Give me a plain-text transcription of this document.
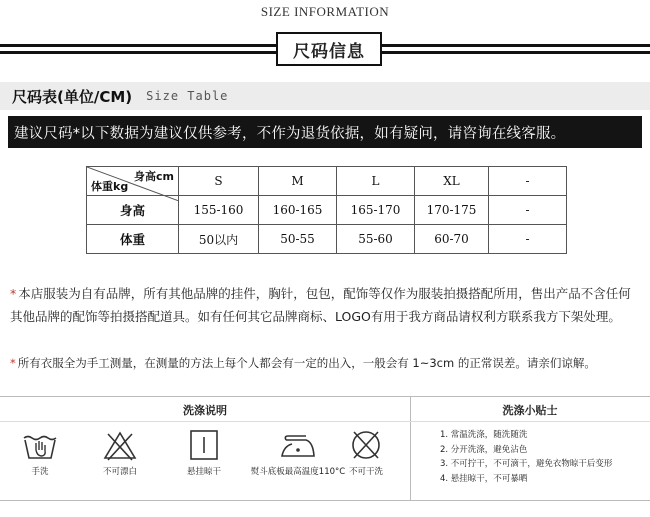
SIZE INFORMATION
尺码信息
尺码表(单位/CM) Size Table
建议尺码*以下数据为建议仅供参考，不作为退货依据，如有疑问，请咨询在线客服。
身高cm
体重kg	S	M	L	XL	-
身高	155-160	160-165	165-170	170-175	-
体重	50以内	50-55	55-60	60-70	-
* 本店服装为自有品牌，所有其他品牌的挂件，胸针，包包，配饰等仅作为服装拍摄搭配所用，售出产品不含任何其他品牌的配饰等拍摄搭配道具。如有任何其它品牌商标、LOGO有用于我方商品请权利方联系我方下架处理。
* 所有衣服全为手工测量，在测量的方法上每个人都会有一定的出入，一般会有 1~3cm 的正常误差。请亲们谅解。
洗涤说明	洗涤小贴士
手洗	不可漂白	悬挂晾干	熨斗底板最高温度110°C 不可干洗
1. 常温洗涤，随洗随洗
2. 分开洗涤，避免沾色
3. 不可拧干，不可滴干，避免衣物晾干后变形
4. 悬挂晾干，不可暴晒
